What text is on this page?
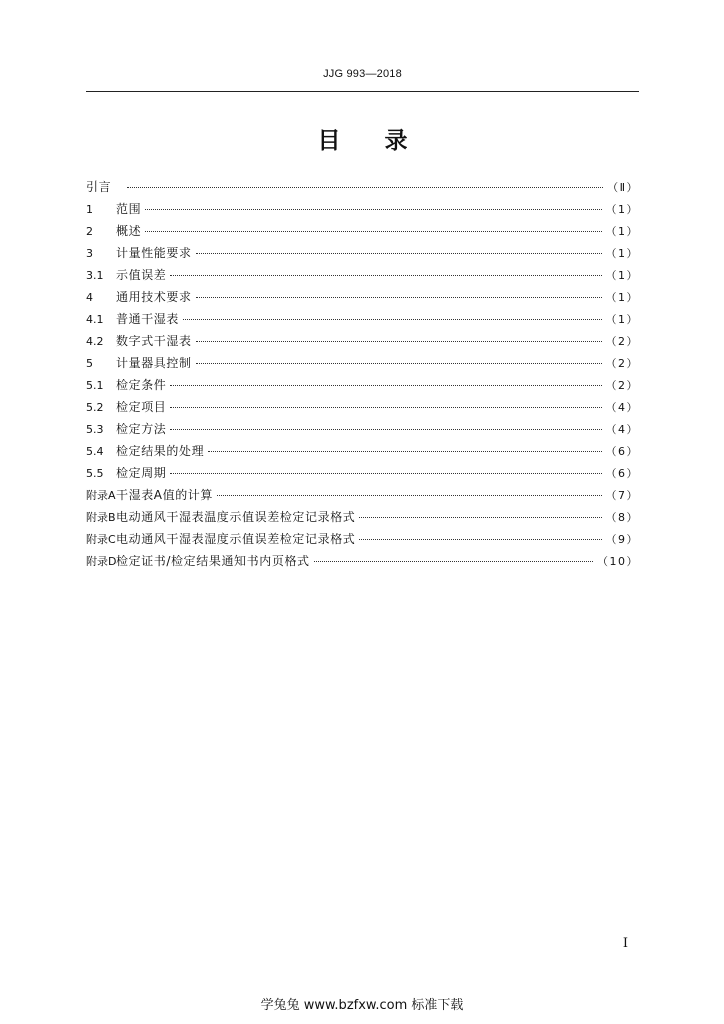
JJG 993—2018
目录
引言	（Ⅱ）
1	范围	（1）
2	概述	（1）
3	计量性能要求	（1）
3.1	示值误差	（1）
4	通用技术要求	（1）
4.1	普通干湿表	（1）
4.2	数字式干湿表	（2）
5	计量器具控制	（2）
5.1	检定条件	（2）
5.2	检定项目	（4）
5.3	检定方法	（4）
5.4	检定结果的处理	（6）
5.5	检定周期	（6）
附录A 干湿表A值的计算	（7）
附录B 电动通风干湿表温度示值误差检定记录格式	（8）
附录C 电动通风干湿表湿度示值误差检定记录格式	（9）
附录D 检定证书/检定结果通知书内页格式	（10）
Ⅰ
学兔兔 www.bzfxw.com 标准下载
